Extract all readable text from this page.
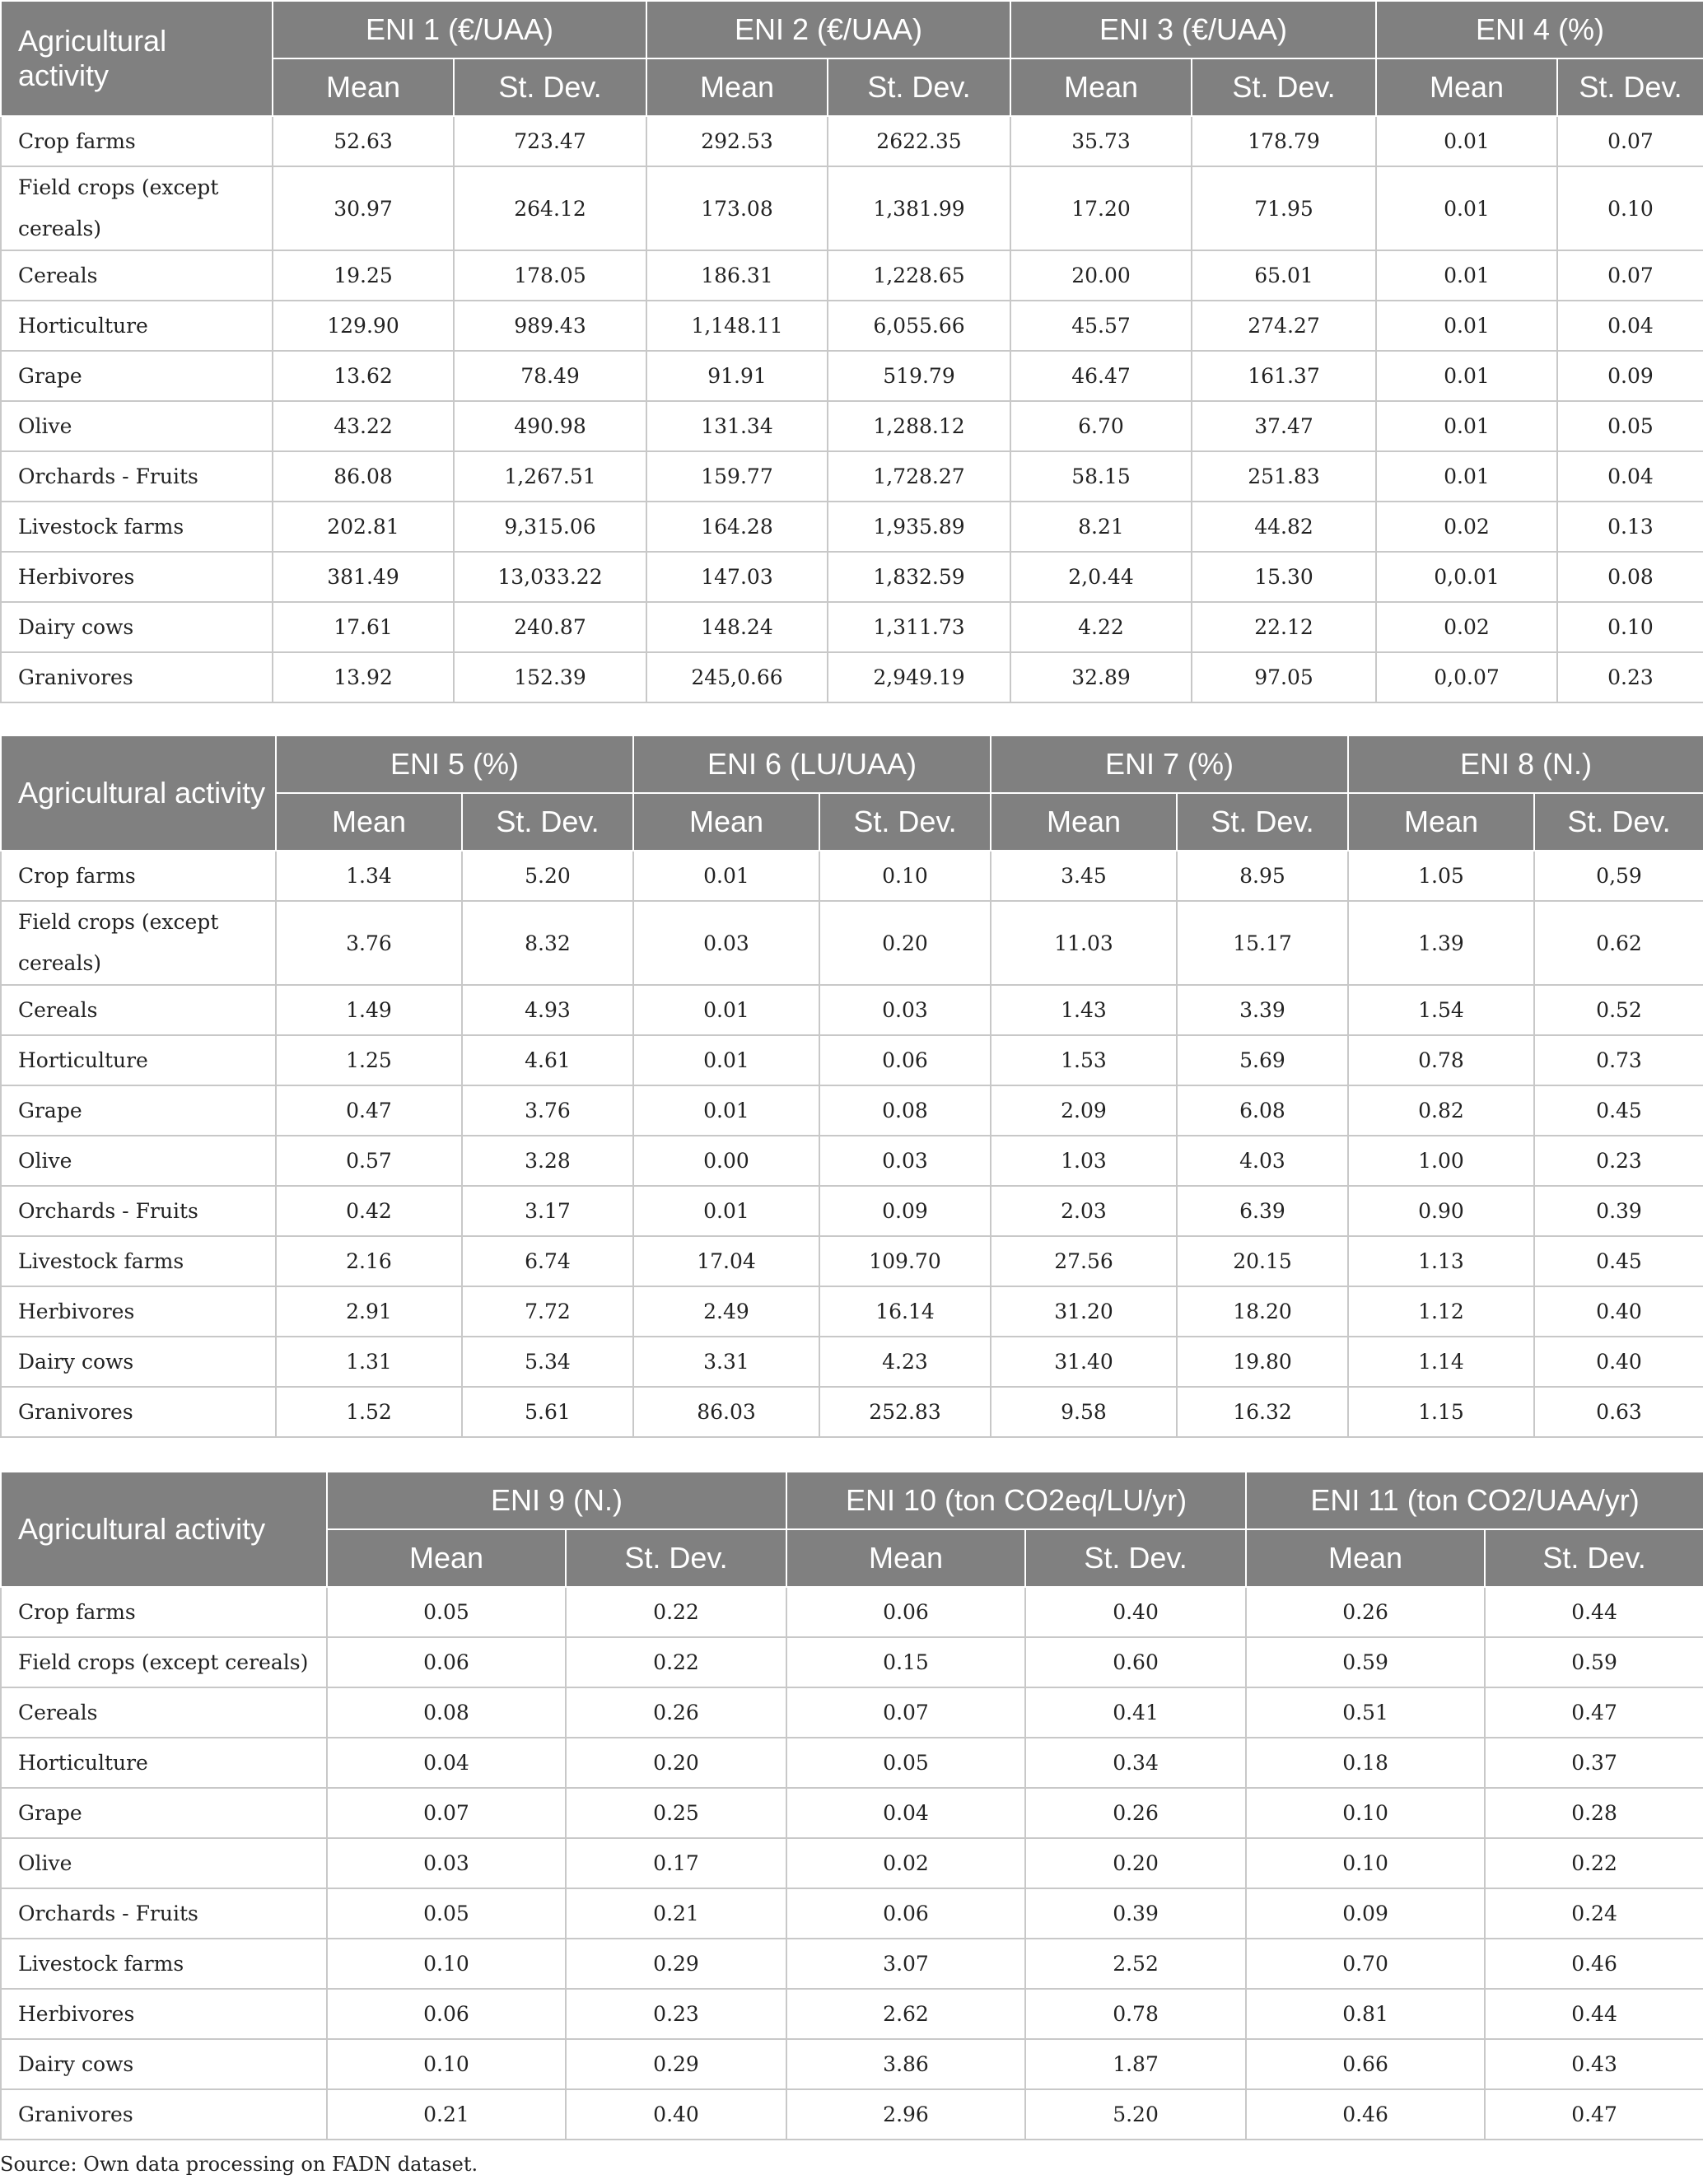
Agricultural activity	ENI 1 (€/UAA)		ENI 2 (€/UAA)		ENI 3 (€/UAA)		ENI 4 (%)	
	Mean	St. Dev.	Mean	St. Dev.	Mean	St. Dev.	Mean	St. Dev.
Crop farms	52.63	723.47	292.53	2622.35	35.73	178.79	0.01	0.07
Field crops (except cereals)	30.97	264.12	173.08	1,381.99	17.20	71.95	0.01	0.10
Cereals	19.25	178.05	186.31	1,228.65	20.00	65.01	0.01	0.07
Horticulture	129.90	989.43	1,148.11	6,055.66	45.57	274.27	0.01	0.04
Grape	13.62	78.49	91.91	519.79	46.47	161.37	0.01	0.09
Olive	43.22	490.98	131.34	1,288.12	6.70	37.47	0.01	0.05
Orchards - Fruits	86.08	1,267.51	159.77	1,728.27	58.15	251.83	0.01	0.04
Livestock farms	202.81	9,315.06	164.28	1,935.89	8.21	44.82	0.02	0.13
Herbivores	381.49	13,033.22	147.03	1,832.59	2,0.44	15.30	0,0.01	0.08
Dairy cows	17.61	240.87	148.24	1,311.73	4.22	22.12	0.02	0.10
Granivores	13.92	152.39	245,0.66	2,949.19	32.89	97.05	0,0.07	0.23
Agricultural activity	ENI 5 (%)		ENI 6 (LU/UAA)		ENI 7 (%)		ENI 8 (N.)	
	Mean	St. Dev.	Mean	St. Dev.	Mean	St. Dev.	Mean	St. Dev.
Crop farms	1.34	5.20	0.01	0.10	3.45	8.95	1.05	0,59
Field crops (except cereals)	3.76	8.32	0.03	0.20	11.03	15.17	1.39	0.62
Cereals	1.49	4.93	0.01	0.03	1.43	3.39	1.54	0.52
Horticulture	1.25	4.61	0.01	0.06	1.53	5.69	0.78	0.73
Grape	0.47	3.76	0.01	0.08	2.09	6.08	0.82	0.45
Olive	0.57	3.28	0.00	0.03	1.03	4.03	1.00	0.23
Orchards - Fruits	0.42	3.17	0.01	0.09	2.03	6.39	0.90	0.39
Livestock farms	2.16	6.74	17.04	109.70	27.56	20.15	1.13	0.45
Herbivores	2.91	7.72	2.49	16.14	31.20	18.20	1.12	0.40
Dairy cows	1.31	5.34	3.31	4.23	31.40	19.80	1.14	0.40
Granivores	1.52	5.61	86.03	252.83	9.58	16.32	1.15	0.63
Agricultural activity	ENI 9 (N.)		ENI 10 (ton CO2eq/LU/yr)		ENI 11 (ton CO2/UAA/yr)	
	Mean	St. Dev.	Mean	St. Dev.	Mean	St. Dev.
Crop farms	0.05	0.22	0.06	0.40	0.26	0.44
Field crops (except cereals)	0.06	0.22	0.15	0.60	0.59	0.59
Cereals	0.08	0.26	0.07	0.41	0.51	0.47
Horticulture	0.04	0.20	0.05	0.34	0.18	0.37
Grape	0.07	0.25	0.04	0.26	0.10	0.28
Olive	0.03	0.17	0.02	0.20	0.10	0.22
Orchards - Fruits	0.05	0.21	0.06	0.39	0.09	0.24
Livestock farms	0.10	0.29	3.07	2.52	0.70	0.46
Herbivores	0.06	0.23	2.62	0.78	0.81	0.44
Dairy cows	0.10	0.29	3.86	1.87	0.66	0.43
Granivores	0.21	0.40	2.96	5.20	0.46	0.47
Source: Own data processing on FADN dataset.
